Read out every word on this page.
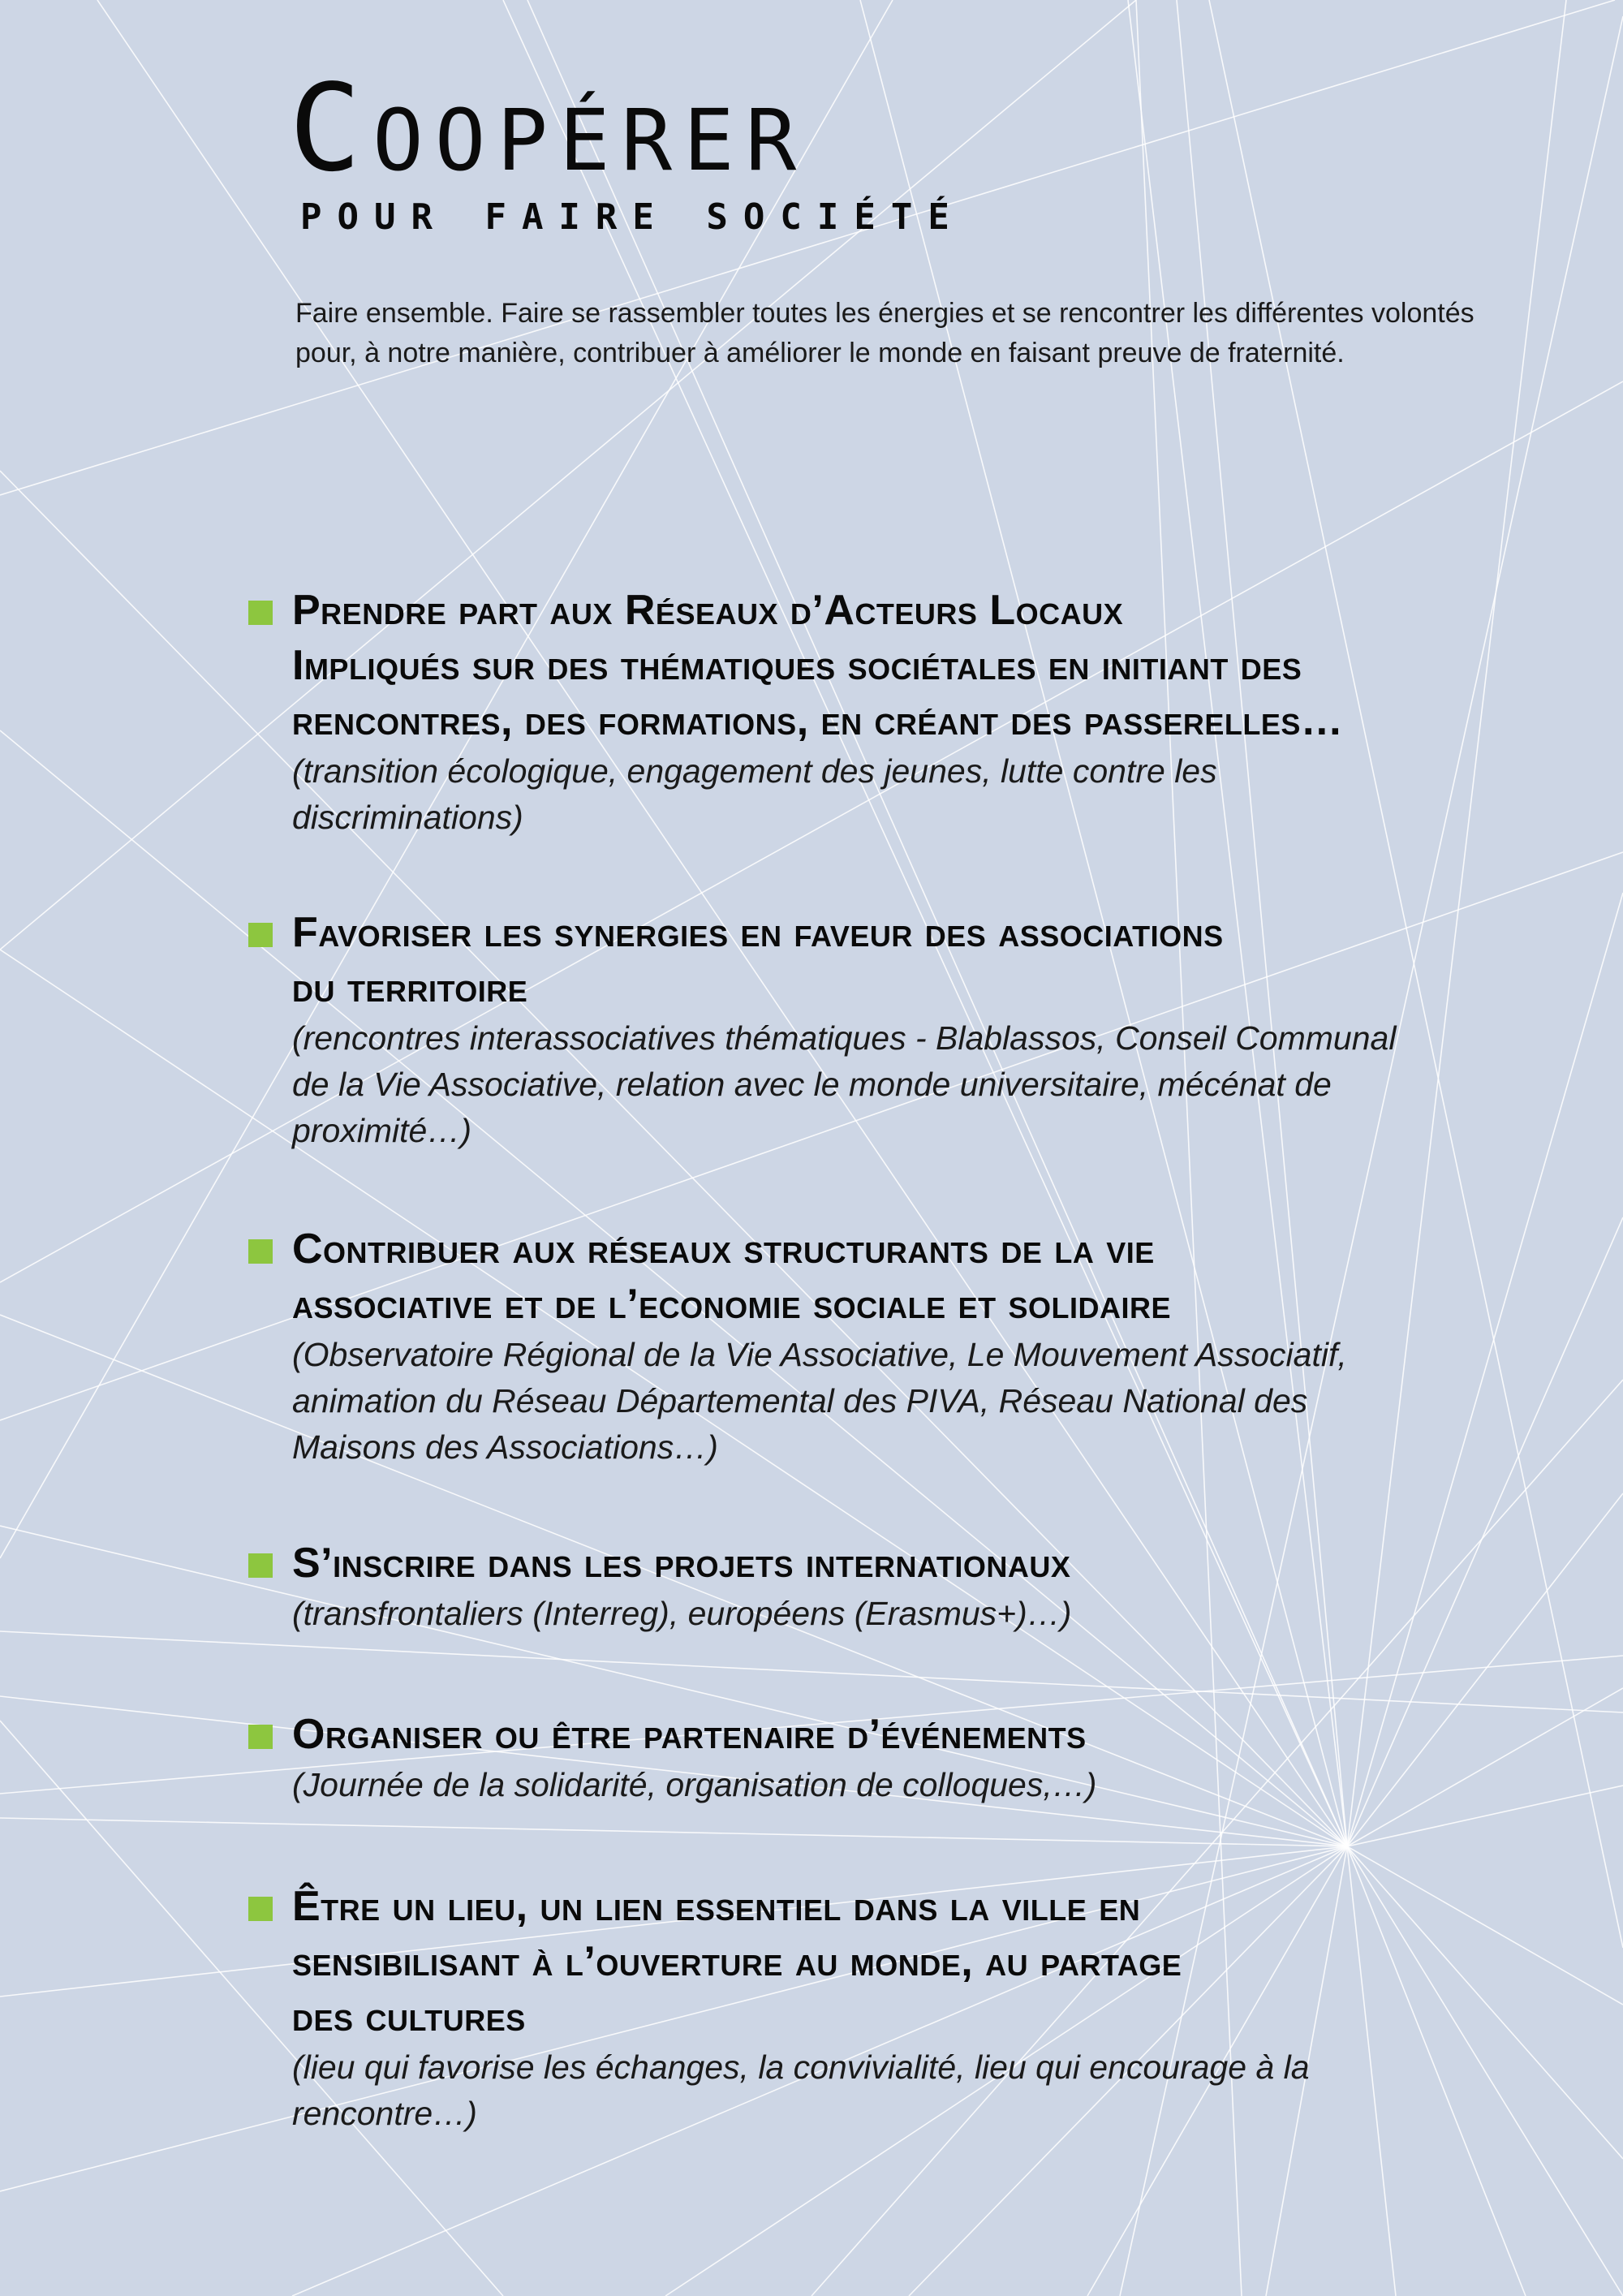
Coopérer
POUR FAIRE SOCIÉTÉ

Faire ensemble. Faire se rassembler toutes les énergies et se rencontrer les différentes volontés pour, à notre manière, contribuer à améliorer le monde en faisant preuve de fraternité.

Prendre part aux Réseaux d’Acteurs Locaux
Impliqués sur des thématiques sociétales en initiant des
rencontres, des formations, en créant des passerelles…

(transition écologique, engagement des jeunes, lutte contre les
discriminations)

Favoriser les synergies en faveur des associations
du territoire

(rencontres interassociatives thématiques - Blablassos, Conseil Communal
de la Vie Associative, relation avec le monde universitaire, mécénat de
proximité…)

Contribuer aux réseaux structurants de la vie
associative et de l’economie sociale et solidaire

(Observatoire Régional de la Vie Associative, Le Mouvement Associatif,
animation du Réseau Départemental des PIVA, Réseau National des
Maisons des Associations…)

S’inscrire dans les projets internationaux

(transfrontaliers (Interreg), européens (Erasmus+)…)

Organiser ou être partenaire d’événements

(Journée de la solidarité, organisation de colloques,…)

Être un lieu, un lien essentiel dans la ville en
sensibilisant à l’ouverture au monde, au partage
des cultures

(lieu qui favorise les échanges, la convivialité, lieu qui encourage à la
rencontre…)
